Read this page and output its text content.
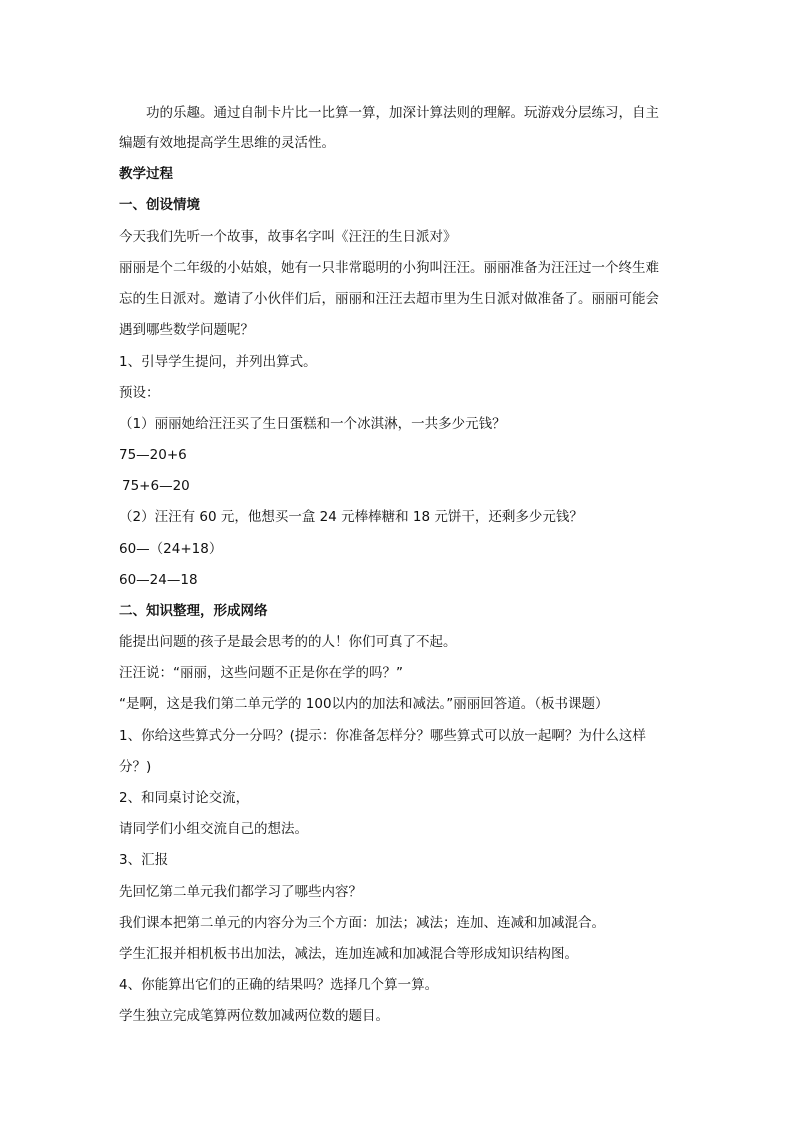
功的乐趣。通过自制卡片比一比算一算，加深计算法则的理解。玩游戏分层练习，自主
编题有效地提高学生思维的灵活性。
教学过程
一、创设情境
今天我们先听一个故事，故事名字叫《汪汪的生日派对》
丽丽是个二年级的小姑娘，她有一只非常聪明的小狗叫汪汪。丽丽准备为汪汪过一个终生难
忘的生日派对。邀请了小伙伴们后，丽丽和汪汪去超市里为生日派对做准备了。丽丽可能会
遇到哪些数学问题呢？
1、引导学生提问，并列出算式。
预设：
（1）丽丽她给汪汪买了生日蛋糕和一个冰淇淋，一共多少元钱？
75—20+6
75+6—20
（2）汪汪有 60 元，他想买一盒 24 元棒棒糖和 18 元饼干，还剩多少元钱？
60—（24+18）
60—24—18
二、知识整理，形成网络
能提出问题的孩子是最会思考的的人！你们可真了不起。
汪汪说：“丽丽，这些问题不正是你在学的吗？”
“是啊，这是我们第二单元学的 100以内的加法和减法。”丽丽回答道。（板书课题）
1、你给这些算式分一分吗？(提示：你准备怎样分？哪些算式可以放一起啊？为什么这样
分？)
2、和同桌讨论交流，
请同学们小组交流自己的想法。
3、汇报
先回忆第二单元我们都学习了哪些内容？
我们课本把第二单元的内容分为三个方面：加法；减法；连加、连减和加减混合。
学生汇报并相机板书出加法，减法，连加连减和加减混合等形成知识结构图。
4、你能算出它们的正确的结果吗？选择几个算一算。
学生独立完成笔算两位数加减两位数的题目。
